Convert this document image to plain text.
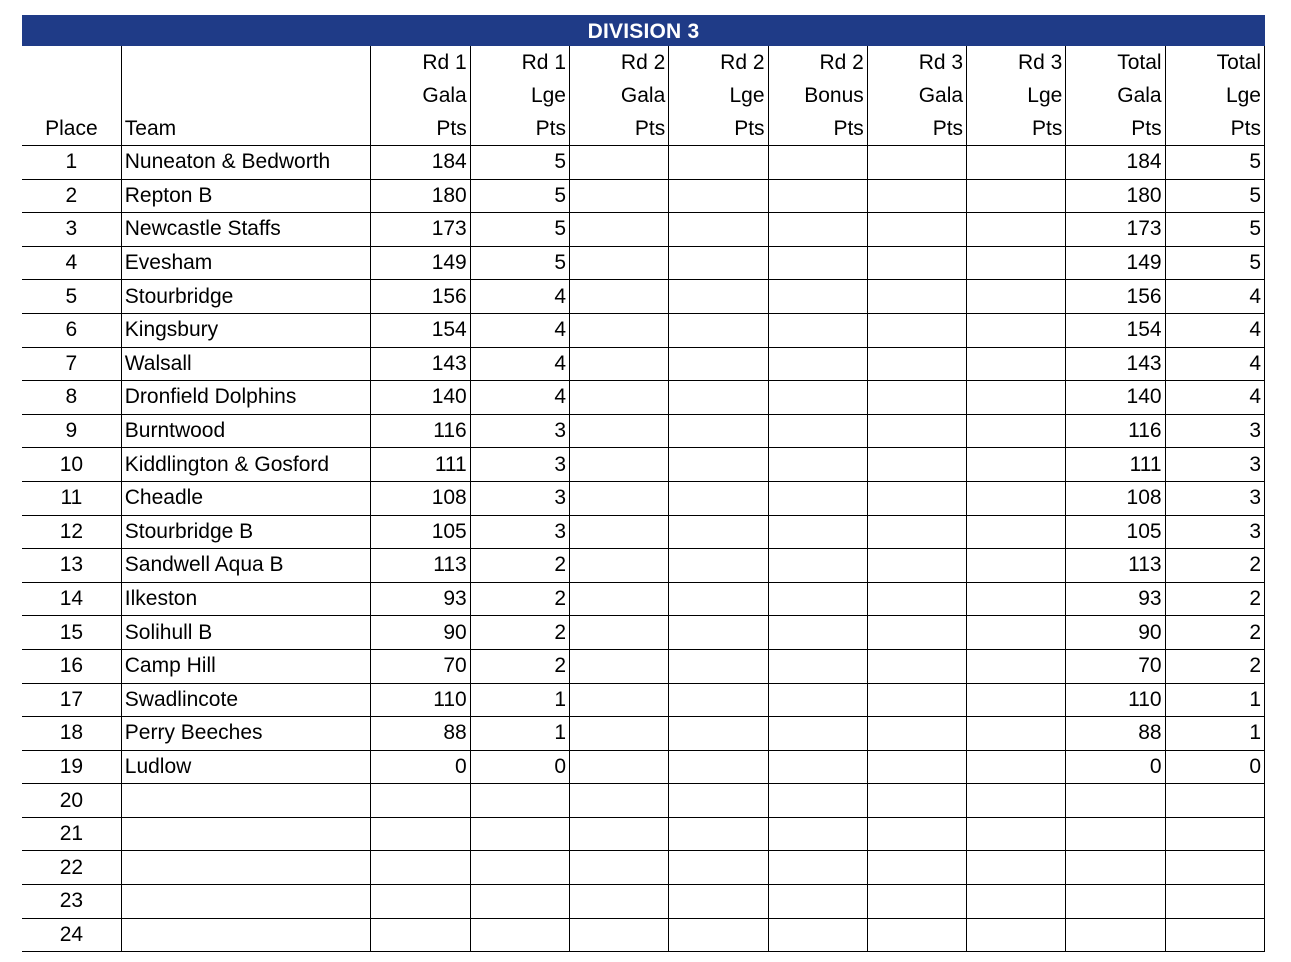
DIVISION 3
		Rd 1	Rd 1	Rd 2	Rd 2	Rd 2	Rd 3	Rd 3	Total	Total
		Gala	Lge	Gala	Lge	Bonus	Gala	Lge	Gala	Lge
Place	Team	Pts	Pts	Pts	Pts	Pts	Pts	Pts	Pts	Pts
1	Nuneaton & Bedworth	184	5						184	5
2	Repton B	180	5						180	5
3	Newcastle Staffs	173	5						173	5
4	Evesham	149	5						149	5
5	Stourbridge	156	4						156	4
6	Kingsbury	154	4						154	4
7	Walsall	143	4						143	4
8	Dronfield Dolphins	140	4						140	4
9	Burntwood	116	3						116	3
10	Kiddlington & Gosford	111	3						111	3
11	Cheadle	108	3						108	3
12	Stourbridge B	105	3						105	3
13	Sandwell Aqua B	113	2						113	2
14	Ilkeston	93	2						93	2
15	Solihull B	90	2						90	2
16	Camp Hill	70	2						70	2
17	Swadlincote	110	1						110	1
18	Perry Beeches	88	1						88	1
19	Ludlow	0	0						0	0
20										
21										
22										
23										
24										
